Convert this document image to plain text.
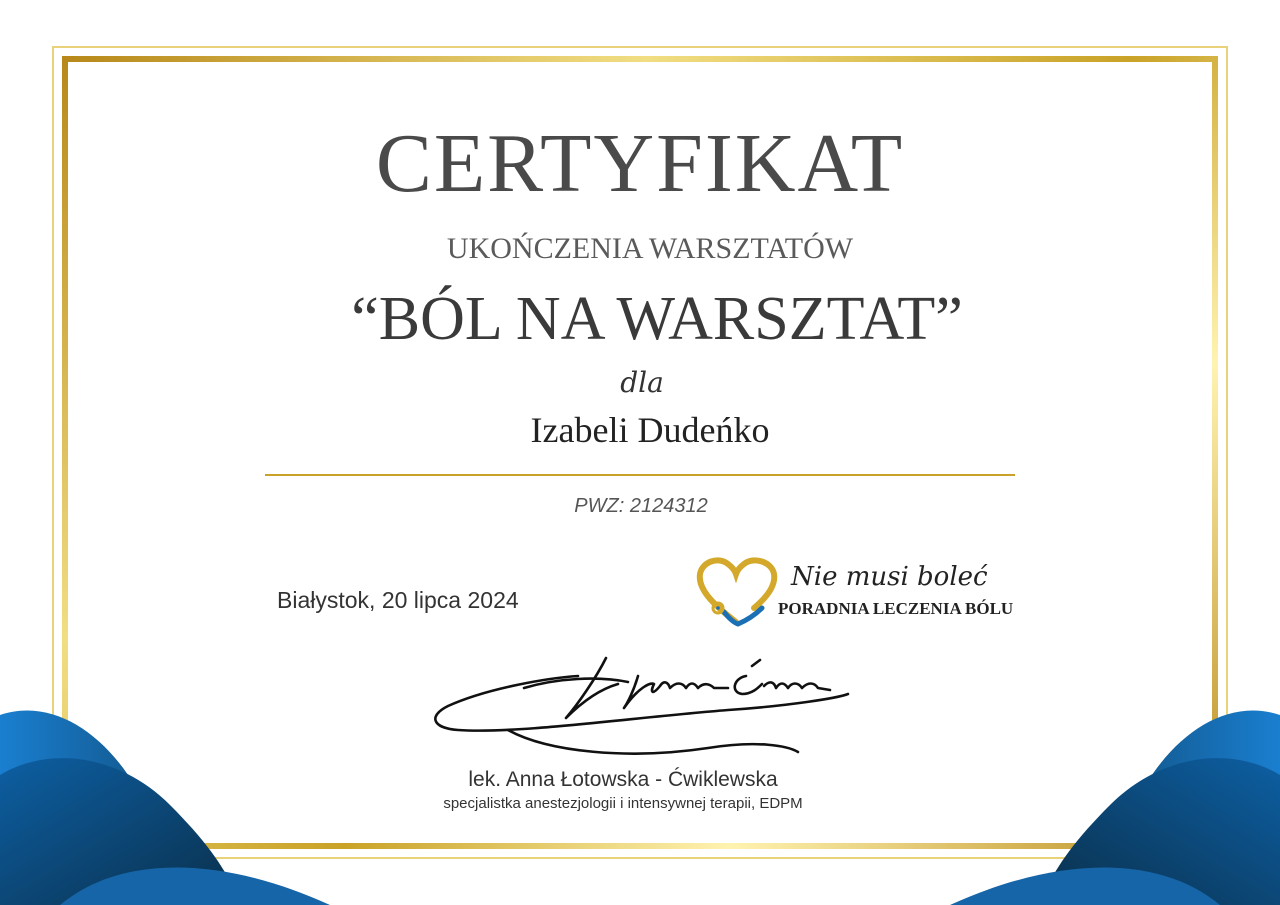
CERTYFIKAT
UKOŃCZENIA WARSZTATÓW
“BÓL NA WARSZTAT”
dla
Izabeli Dudeńko
PWZ: 2124312
Białystok, 20 lipca 2024
Nie musi boleć
PORADNIA LECZENIA BÓLU
lek. Anna Łotowska - Ćwiklewska
specjalistka anestezjologii i intensywnej terapii, EDPM
